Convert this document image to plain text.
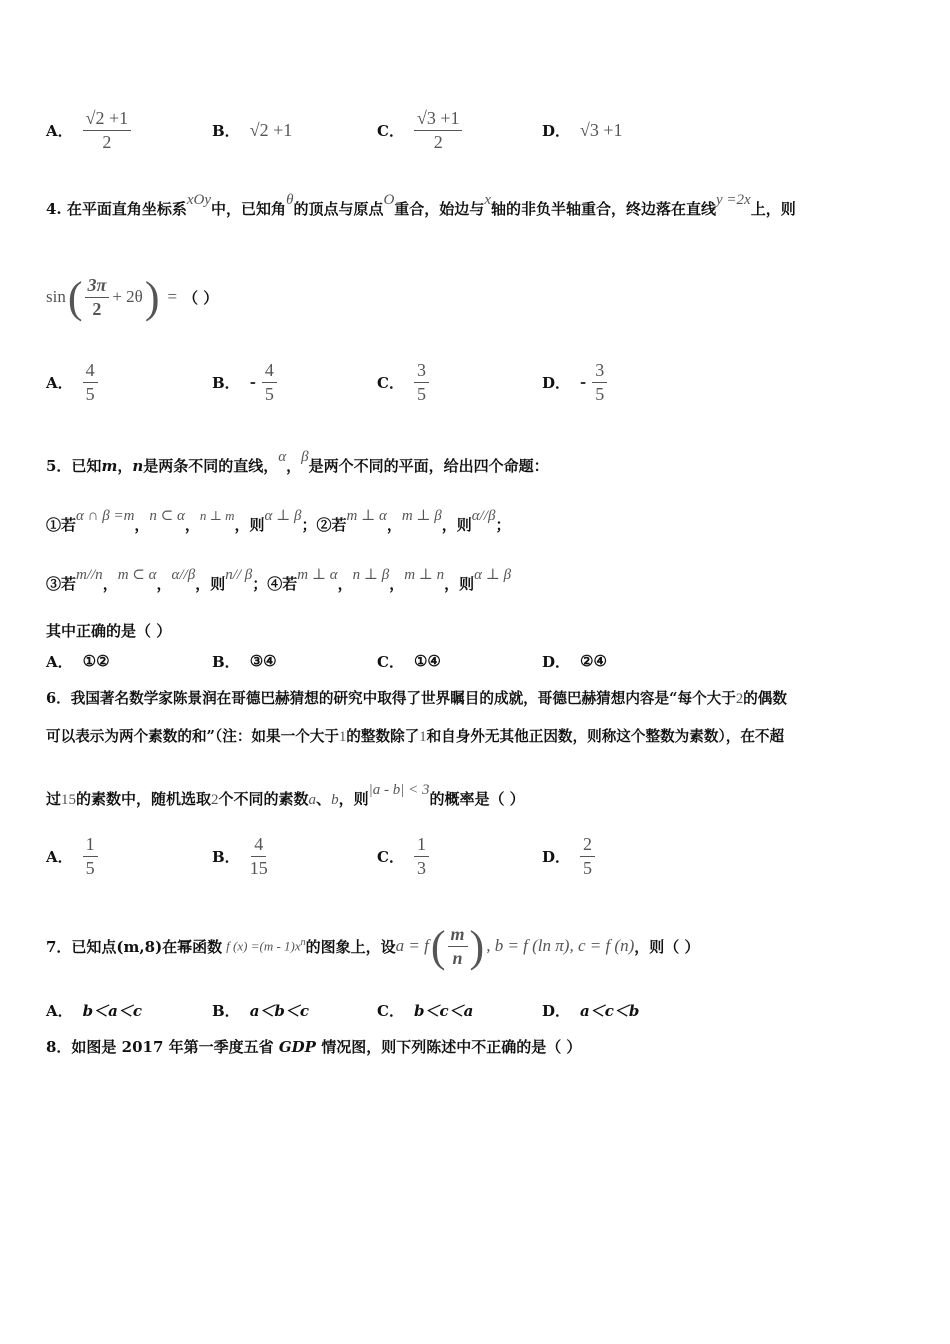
A． $\frac{√2 +1}{2}$	B． √2 +1	C． $\frac{√3 +1}{2}$	D． √3 +1
4. 在平面直角坐标系xOy中，已知角θ的顶点与原点O重合，始边与x轴的非负半轴重合，终边落在直线y =2x上，则
sin ( $\frac{3\pi}{2} + 2\theta$ ) = （ ）
A． $\frac{4}{5}$	B． - $\frac{4}{5}$	C． $\frac{3}{5}$	D． - $\frac{3}{5}$
5．已知m，n是两条不同的直线，α，β是两个不同的平面，给出四个命题：
①若α ∩ β =m，n ⊂ α，n ⊥ m，则α ⊥ β；②若m ⊥ α，m ⊥ β，则α//β；
③若m//n，m ⊂ α，α//β，则n// β；④若m ⊥ α，n ⊥ β，m ⊥ n，则α ⊥ β
其中正确的是（ ）
A． ①②	B． ③④	C． ①④	D． ②④
6．我国著名数学家陈景润在哥德巴赫猜想的研究中取得了世界瞩目的成就，哥德巴赫猜想内容是“每个大于2的偶数
可以表示为两个素数的和”（注：如果一个大于1的整数除了1和自身外无其他正因数，则称这个整数为素数），在不超
过15的素数中，随机选取2个不同的素数a、b，则|a - b| < 3的概率是（ ）
A． $\frac{1}{5}$	B． $\frac{4}{15}$	C． $\frac{1}{3}$	D． $\frac{2}{5}$
7．已知点(m,8)在幂函数 f $(x) =(m - 1)x^n$ 的图象上，设 a = f ( $\frac{m}{n}$ ) , b = f (ln π), c = f (n) ，则（ ）
A． b＜a＜c	B． a＜b＜c	C． b＜c＜a	D． a＜c＜b
8．如图是 2017 年第一季度五省 GDP 情况图，则下列陈述中不正确的是（ ）
